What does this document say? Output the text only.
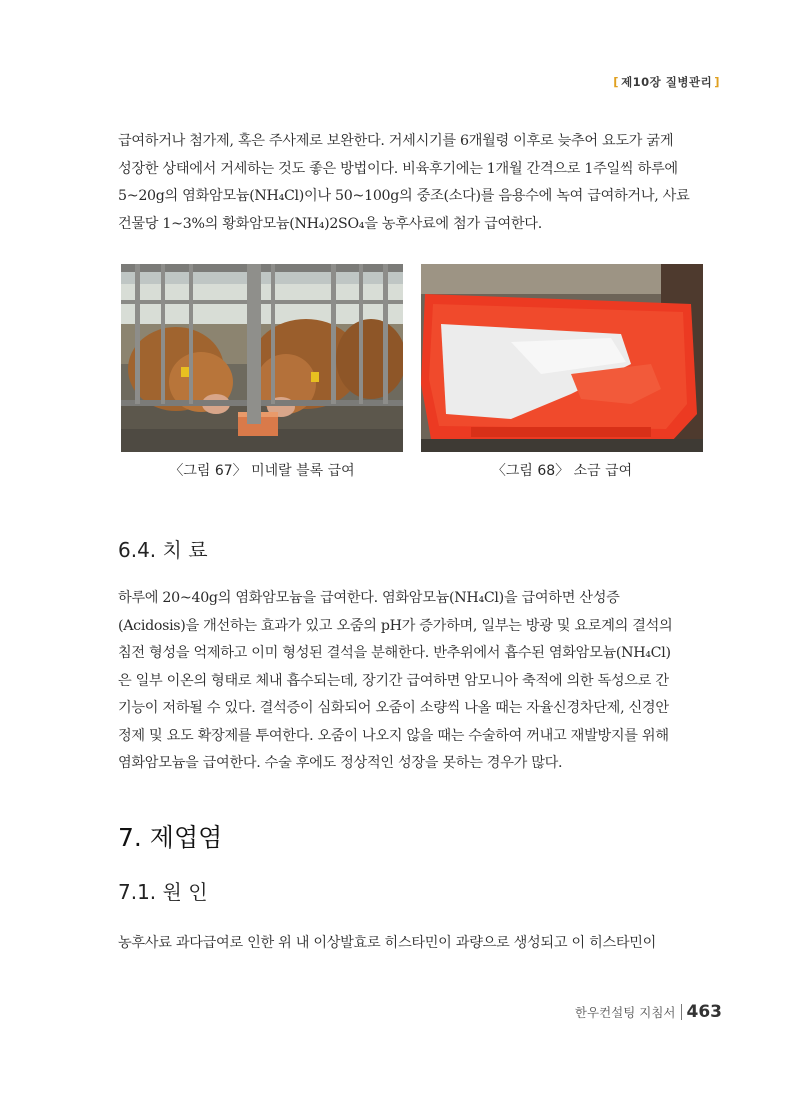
[ 제10장 질병관리 ]
급여하거나 첨가제, 혹은 주사제로 보완한다. 거세시기를 6개월령 이후로 늦추어 요도가 굵게
성장한 상태에서 거세하는 것도 좋은 방법이다. 비육후기에는 1개월 간격으로 1주일씩 하루에
5~20g의 염화암모늄(NH₄Cl)이나 50~100g의 중조(소다)를 음용수에 녹여 급여하거나, 사료
건물당 1~3%의 황화암모늄(NH₄)2SO₄을 농후사료에 첨가 급여한다.
〈그림 67〉 미네랄 블록 급여	〈그림 68〉 소금 급여
6.4. 치 료
하루에 20~40g의 염화암모늄을 급여한다. 염화암모늄(NH₄Cl)을 급여하면 산성증
(Acidosis)을 개선하는 효과가 있고 오줌의 pH가 증가하며, 일부는 방광 및 요로계의 결석의
침전 형성을 억제하고 이미 형성된 결석을 분해한다. 반추위에서 흡수된 염화암모늄(NH₄Cl)
은 일부 이온의 형태로 체내 흡수되는데, 장기간 급여하면 암모니아 축적에 의한 독성으로 간
기능이 저하될 수 있다. 결석증이 심화되어 오줌이 소량씩 나올 때는 자율신경차단제, 신경안
정제 및 요도 확장제를 투여한다. 오줌이 나오지 않을 때는 수술하여 꺼내고 재발방지를 위해
염화암모늄을 급여한다. 수술 후에도 정상적인 성장을 못하는 경우가 많다.
7. 제엽염
7.1. 원 인
농후사료 과다급여로 인한 위 내 이상발효로 히스타민이 과량으로 생성되고 이 히스타민이
한우컨설팅 지침서 463
